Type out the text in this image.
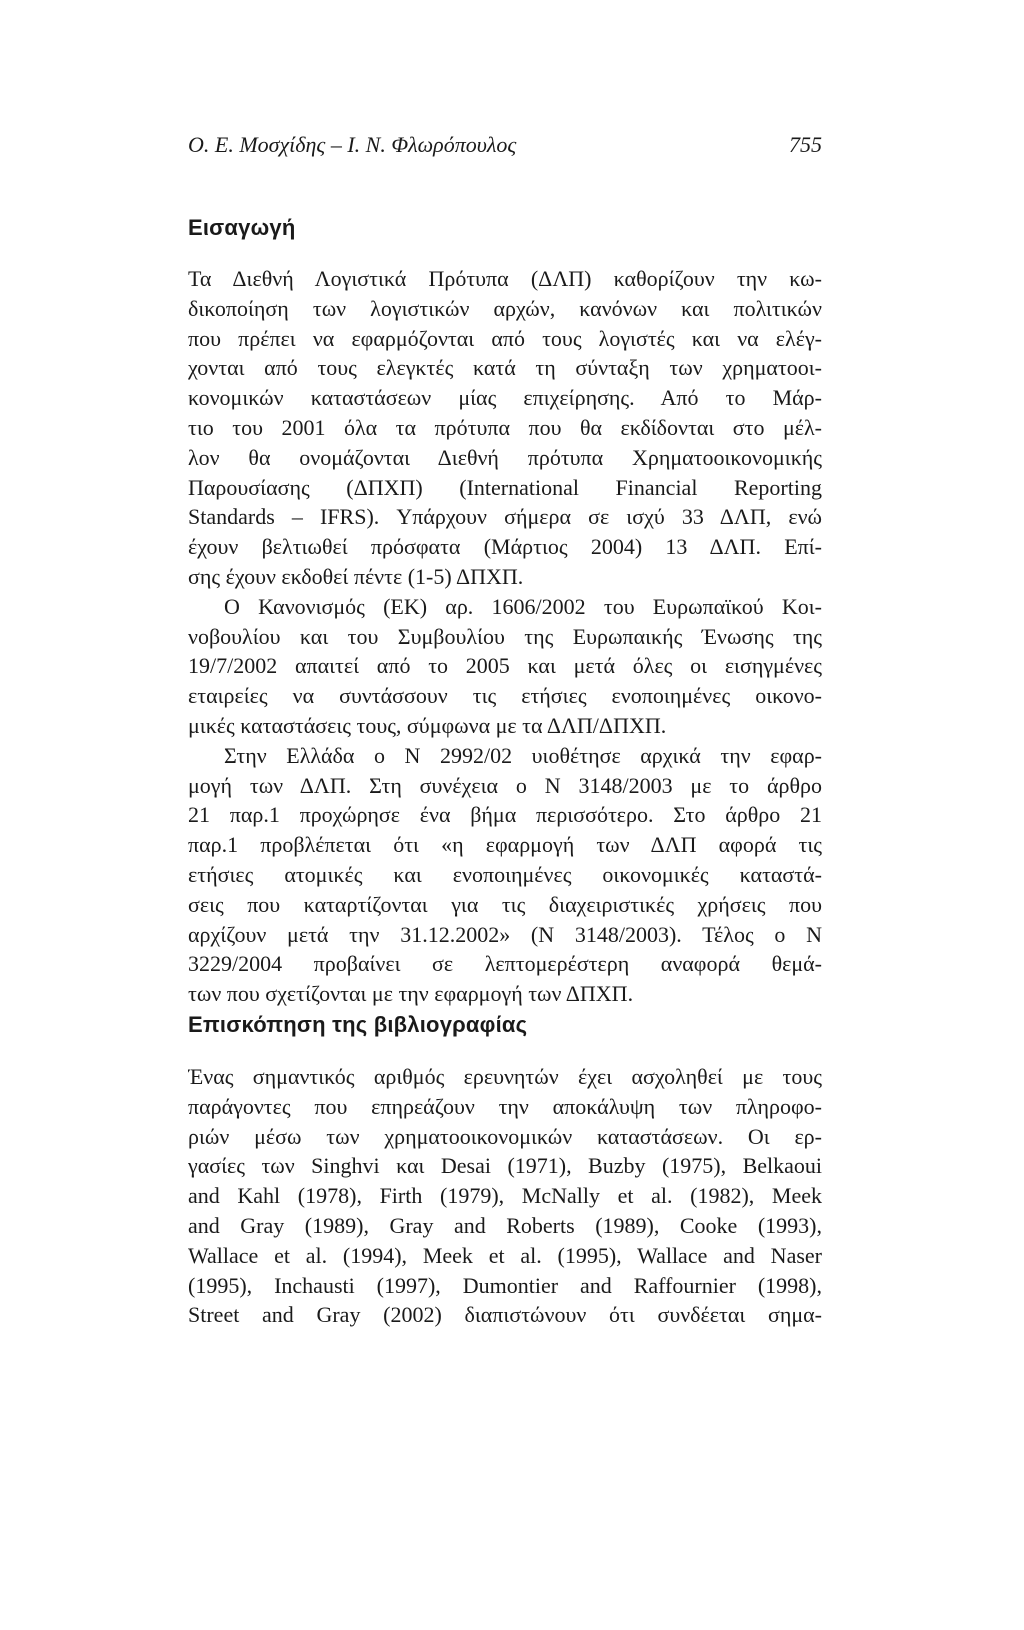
Ο. Ε. Μοσχίδης – Ι. Ν. Φλωρόπουλος	755
Εισαγωγή
Τα Διεθνή Λογιστικά Πρότυπα (ΔΛΠ) καθορίζουν την κω-
δικοποίηση των λογιστικών αρχών, κανόνων και πολιτικών
που πρέπει να εφαρμόζονται από τους λογιστές και να ελέγ-
χονται από τους ελεγκτές κατά τη σύνταξη των χρηματοοι-
κονομικών καταστάσεων μίας επιχείρησης. Από το Μάρ-
τιο του 2001 όλα τα πρότυπα που θα εκδίδονται στο μέλ-
λον θα ονομάζονται Διεθνή πρότυπα Χρηματοοικονομικής
Παρουσίασης (ΔΠΧΠ) (International Financial Reporting
Standards – IFRS). Υπάρχουν σήμερα σε ισχύ 33 ΔΛΠ, ενώ
έχουν βελτιωθεί πρόσφατα (Μάρτιος 2004) 13 ΔΛΠ. Επί-
σης έχουν εκδοθεί πέντε (1-5) ΔΠΧΠ.
Ο Κανονισμός (ΕΚ) αρ. 1606/2002 του Ευρωπαϊκού Κοι-
νοβουλίου και του Συμβουλίου της Ευρωπαικής Ένωσης της
19/7/2002 απαιτεί από το 2005 και μετά όλες οι εισηγμένες
εταιρείες να συντάσσουν τις ετήσιες ενοποιημένες οικονο-
μικές καταστάσεις τους, σύμφωνα με τα ΔΛΠ/ΔΠΧΠ.
Στην Ελλάδα ο Ν 2992/02 υιοθέτησε αρχικά την εφαρ-
μογή των ΔΛΠ. Στη συνέχεια ο Ν 3148/2003 με το άρθρο
21 παρ.1 προχώρησε ένα βήμα περισσότερο. Στο άρθρο 21
παρ.1 προβλέπεται ότι «η εφαρμογή των ΔΛΠ αφορά τις
ετήσιες ατομικές και ενοποιημένες οικονομικές καταστά-
σεις που καταρτίζονται για τις διαχειριστικές χρήσεις που
αρχίζουν μετά την 31.12.2002» (Ν 3148/2003). Τέλος ο Ν
3229/2004 προβαίνει σε λεπτομερέστερη αναφορά θεμά-
των που σχετίζονται με την εφαρμογή των ΔΠΧΠ.
Επισκόπηση της βιβλιογραφίας
Ένας σημαντικός αριθμός ερευνητών έχει ασχοληθεί με τους
παράγοντες που επηρεάζουν την αποκάλυψη των πληροφο-
ριών μέσω των χρηματοοικονομικών καταστάσεων. Οι ερ-
γασίες των Singhvi και Desai (1971), Buzby (1975), Belkaoui
and Kahl (1978), Firth (1979), McNally et al. (1982), Meek
and Gray (1989), Gray and Roberts (1989), Cooke (1993),
Wallace et al. (1994), Meek et al. (1995), Wallace and Naser
(1995), Inchausti (1997), Dumontier and Raffournier (1998),
Street and Gray (2002) διαπιστώνουν ότι συνδέεται σημα-
